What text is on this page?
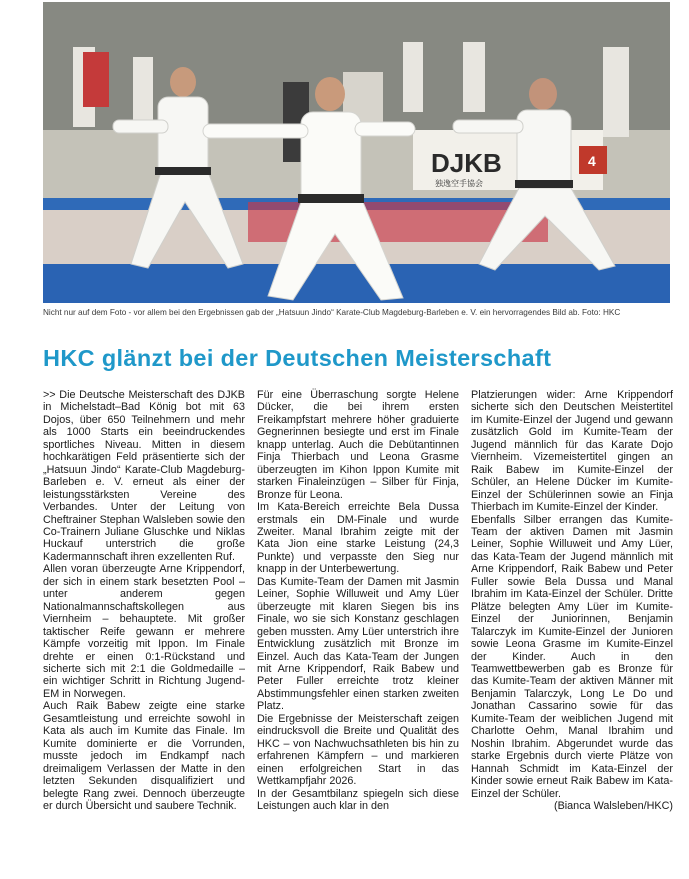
DJKB
独逸空手協会
4

Nicht nur auf dem Foto - vor allem bei den Ergebnissen gab der „Hatsuun Jindo“ Karate-Club Magdeburg-Barleben e. V. ein hervorragendes Bild ab. Foto: HKC

HKC glänzt bei der Deutschen Meisterschaft

>> Die Deutsche Meisterschaft des DJKB in Michelstadt–Bad König bot mit 63 Dojos, über 650 Teilnehmern und mehr als 1000 Starts ein beeindruckendes sportliches Niveau. Mitten in diesem hochkarätigen Feld präsentierte sich der „Hatsuun Jindo“ Karate-Club Magdeburg-Barleben e. V. erneut als einer der leistungsstärksten Vereine des Verbandes. Unter der Leitung von Cheftrainer Stephan Walsleben sowie den Co-Trainern Juliane Gluschke und Niklas Huckauf unterstrich die große Kadermannschaft ihren exzellenten Ruf.

Allen voran überzeugte Arne Krippendorf, der sich in einem stark besetzten Pool – unter anderem gegen Nationalmannschaftskollegen aus Viernheim – behauptete. Mit großer taktischer Reife gewann er mehrere Kämpfe vorzeitig mit Ippon. Im Finale drehte er einen 0:1-Rückstand und sicherte sich mit 2:1 die Goldmedaille – ein wichtiger Schritt in Richtung Jugend-EM in Norwegen.

Auch Raik Babew zeigte eine starke Gesamtleistung und erreichte sowohl in Kata als auch im Kumite das Finale. Im Kumite dominierte er die Vorrunden, musste jedoch im Endkampf nach dreimaligem Verlassen der Matte in den letzten Sekunden disqualifiziert und belegte Rang zwei. Dennoch überzeugte er durch Übersicht und saubere Technik.

Für eine Überraschung sorgte Helene Dücker, die bei ihrem ersten Freikampfstart mehrere höher graduierte Gegnerinnen besiegte und erst im Finale knapp unterlag. Auch die Debütantinnen Finja Thierbach und Leona Grasme überzeugten im Kihon Ippon Kumite mit starken Finaleinzügen – Silber für Finja, Bronze für Leona.

Im Kata-Bereich erreichte Bela Dussa erstmals ein DM-Finale und wurde Zweiter. Manal Ibrahim zeigte mit der Kata Jion eine starke Leistung (24,3 Punkte) und verpasste den Sieg nur knapp in der Unterbewertung.

Das Kumite-Team der Damen mit Jasmin Leiner, Sophie Willuweit und Amy Lüer überzeugte mit klaren Siegen bis ins Finale, wo sie sich Konstanz geschlagen geben mussten. Amy Lüer unterstrich ihre Entwicklung zusätzlich mit Bronze im Einzel. Auch das Kata-Team der Jungen mit Arne Krippendorf, Raik Babew und Peter Fuller erreichte trotz kleiner Abstimmungsfehler einen starken zweiten Platz.

Die Ergebnisse der Meisterschaft zeigen eindrucksvoll die Breite und Qualität des HKC – von Nachwuchsathleten bis hin zu erfahrenen Kämpfern – und markieren einen erfolgreichen Start in das Wettkampfjahr 2026.

In der Gesamtbilanz spiegeln sich diese Leistungen auch klar in den

Platzierungen wider: Arne Krippendorf sicherte sich den Deutschen Meistertitel im Kumite-Einzel der Jugend und gewann zusätzlich Gold im Kumite-Team der Jugend männlich für das Karate Dojo Viernheim. Vizemeistertitel gingen an Raik Babew im Kumite-Einzel der Schüler, an Helene Dücker im Kumite-Einzel der Schülerinnen sowie an Finja Thierbach im Kumite-Einzel der Kinder.

Ebenfalls Silber errangen das Kumite-Team der aktiven Damen mit Jasmin Leiner, Sophie Willuweit und Amy Lüer, das Kata-Team der Jugend männlich mit Arne Krippendorf, Raik Babew und Peter Fuller sowie Bela Dussa und Manal Ibrahim im Kata-Einzel der Schüler. Dritte Plätze belegten Amy Lüer im Kumite-Einzel der Juniorinnen, Benjamin Talarczyk im Kumite-Einzel der Junioren sowie Leona Grasme im Kumite-Einzel der Kinder. Auch in den Teamwettbewerben gab es Bronze für das Kumite-Team der aktiven Männer mit Benjamin Talarczyk, Long Le Do und Jonathan Cassarino sowie für das Kumite-Team der weiblichen Jugend mit Charlotte Oehm, Manal Ibrahim und Noshin Ibrahim. Abgerundet wurde das starke Ergebnis durch vierte Plätze von Hannah Schmidt im Kata-Einzel der Kinder sowie erneut Raik Babew im Kata-Einzel der Schüler.

(Bianca Walsleben/HKC)
